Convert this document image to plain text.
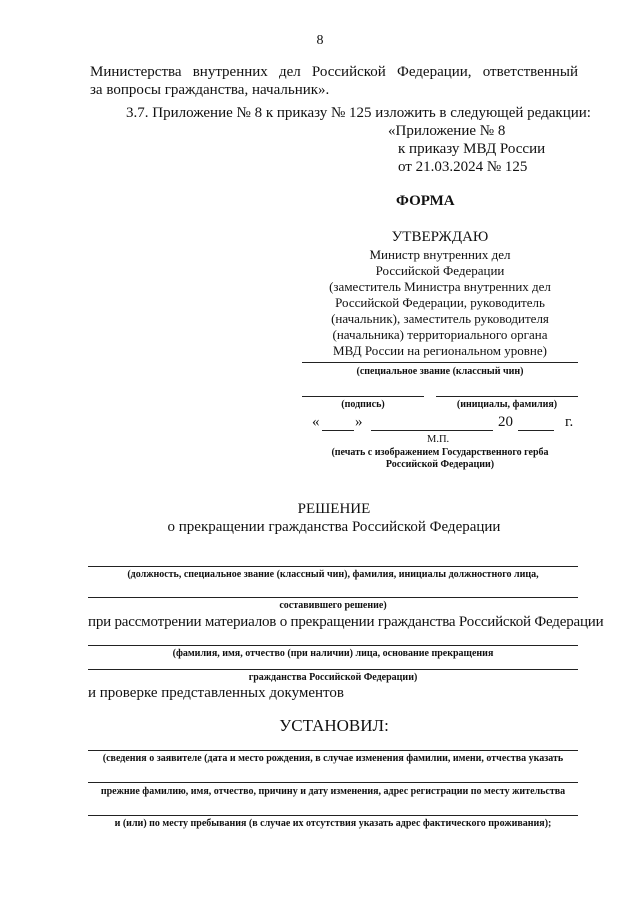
8
Министерства внутренних дел Российской Федерации, ответственный
за вопросы гражданства, начальник».
3.7. Приложение № 8 к приказу № 125 изложить в следующей редакции:
«Приложение № 8
к приказу МВД России
от 21.03.2024 № 125
ФОРМА
УТВЕРЖДАЮ
Министр внутренних дел
Российской Федерации
(заместитель Министра внутренних дел
Российской Федерации, руководитель
(начальник), заместитель руководителя
(начальника) территориального органа
МВД России на региональном уровне)
(специальное звание (классный чин)
(подпись)	(инициалы, фамилия)
« »	20	г.
М.П.
(печать с изображением Государственного герба
Российской Федерации)
РЕШЕНИЕ
о прекращении гражданства Российской Федерации
(должность, специальное звание (классный чин), фамилия, инициалы должностного лица,
составившего решение)
при рассмотрении материалов о прекращении гражданства Российской Федерации
(фамилия, имя, отчество (при наличии) лица, основание прекращения
гражданства Российской Федерации)
и проверке представленных документов
УСТАНОВИЛ:
(сведения о заявителе (дата и место рождения, в случае изменения фамилии, имени, отчества указать
прежние фамилию, имя, отчество, причину и дату изменения, адрес регистрации по месту жительства
и (или) по месту пребывания (в случае их отсутствия указать адрес фактического проживания);
